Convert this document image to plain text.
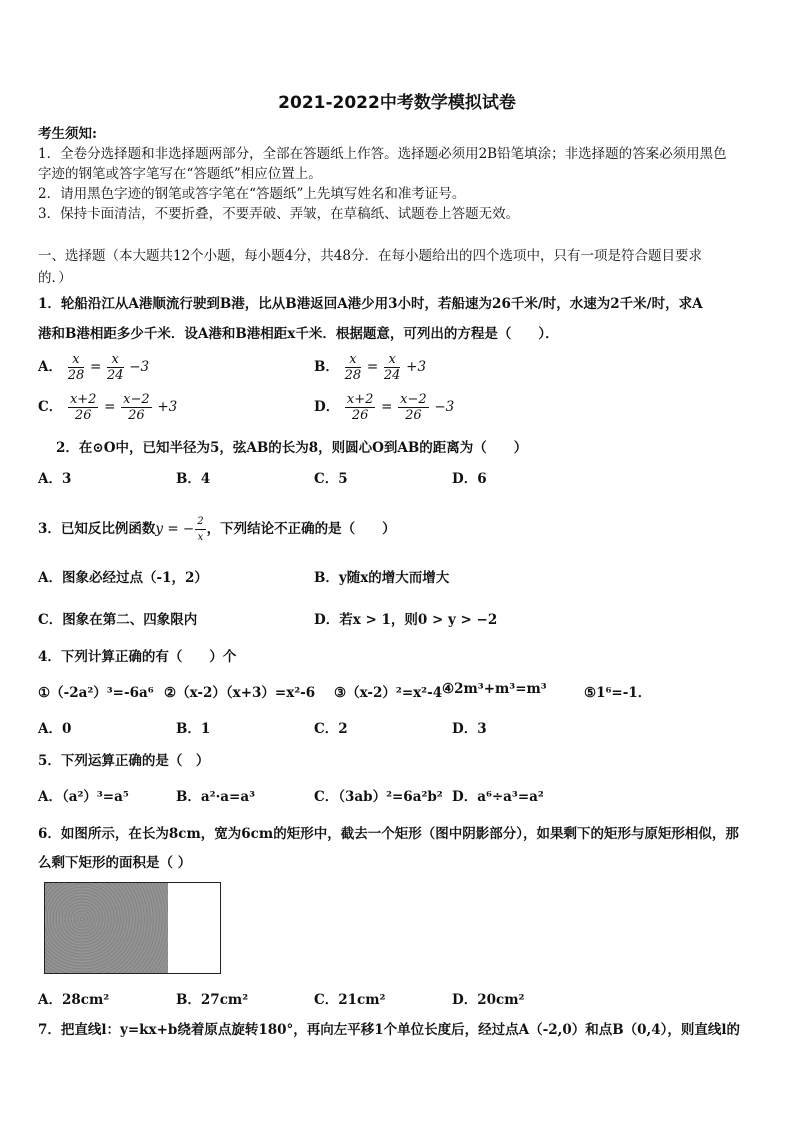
2021-2022中考数学模拟试卷
考生须知:
1．全卷分选择题和非选择题两部分，全部在答题纸上作答。选择题必须用2B铅笔填涂；非选择题的答案必须用黑色
字迹的钢笔或答字笔写在“答题纸”相应位置上。
2．请用黑色字迹的钢笔或答字笔在“答题纸”上先填写姓名和准考证号。
3．保持卡面清洁，不要折叠，不要弄破、弄皱，在草稿纸、试题卷上答题无效。
一、选择题（本大题共12个小题，每小题4分，共48分．在每小题给出的四个选项中，只有一项是符合题目要求
的．）
1．轮船沿江从A港顺流行驶到B港，比从B港返回A港少用3小时，若船速为26千米/时，水速为2千米/时，求A
港和B港相距多少千米．设A港和B港相距x千米．根据题意，可列出的方程是（　　）．
A． $\frac{x}{28} = \frac{x}{24} -3$	B． $\frac{x}{28} = \frac{x}{24} +3$
C． $\frac{x+2}{26} = \frac{x-2}{26} +3$	D． $\frac{x+2}{26} = \frac{x-2}{26} -3$
2．在⊙O中，已知半径为5，弦AB的长为8，则圆心O到AB的距离为（　　）
A．3	B．4	C．5	D．6
3．已知反比例函数y = − $\frac{2}{x}$ ，下列结论不正确的是（　　）
A．图象必经过点（-1，2）	B．y随x的增大而增大
C．图象在第二、四象限内	D．若x > 1，则0 > y > −2
4．下列计算正确的有（　　）个
①（-2a²）³=-6a⁶ ②（x-2）（x+3）=x²-6 ③（x-2）²=x²-4 ④2m³+m³=m³	⑤1⁶=-1．
A．0	B．1	C．2	D．3
5．下列运算正确的是（　）
A．（a²）³=a⁵	B．a²·a=a³	C．（3ab）²=6a²b² D．a⁶÷a³=a²
6．如图所示，在长为8cm，宽为6cm的矩形中，截去一个矩形（图中阴影部分），如果剩下的矩形与原矩形相似，那
么剩下矩形的面积是（ ）
A．28cm²	B．27cm²	C．21cm²	D．20cm²
7．把直线l：y=kx+b绕着原点旋转180°，再向左平移1个单位长度后，经过点A（-2,0）和点B（0,4），则直线l的
